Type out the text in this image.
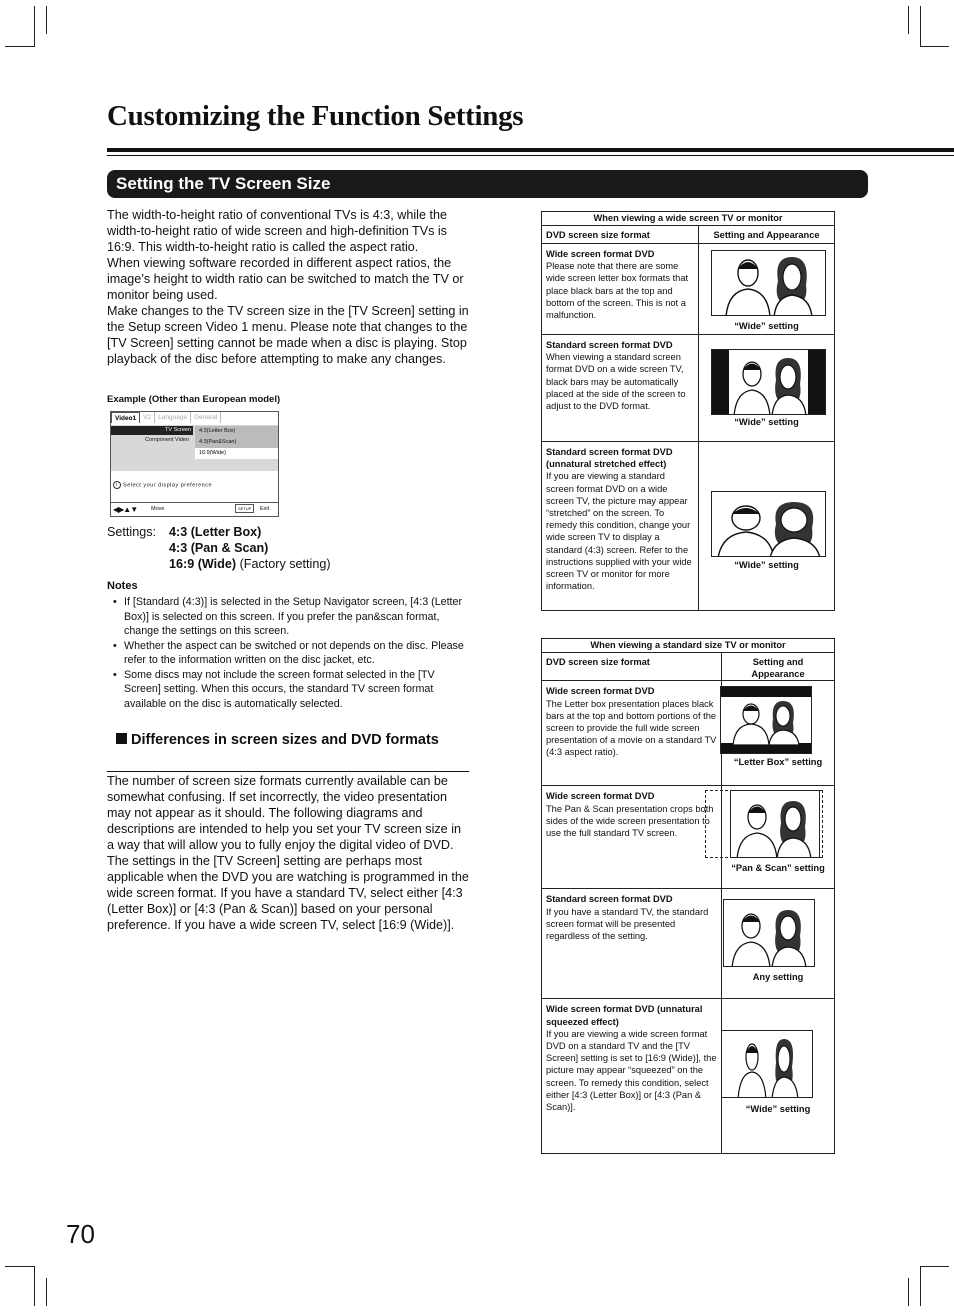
Customizing the Function Settings
Setting the TV Screen Size

The width-to-height ratio of conventional TVs is 4:3, while the width-to-height ratio of wide screen and high-definition TVs is 16:9. This width-to-height ratio is called the aspect ratio.

When viewing software recorded in different aspect ratios, the image’s height to width ratio can be switched to match the TV or monitor being used.

Make changes to the TV screen size in the [TV Screen] setting in the Setup screen Video 1 menu. Please note that changes to the [TV Screen] setting cannot be made when a disc is playing. Stop playback of the disc before attempting to make any changes.

Example (Other than European model)
Video1	V2	Language	General
TV Screen
Component Video
4:3(Letter Box)
4:3(Pan&Scan)
16:9(Wide)
i Select your display preference
◀▶▲▼	Move	SETUP	Exit
Settings: 4:3 (Letter Box)
4:3 (Pan & Scan)
16:9 (Wide) (Factory setting)
Notes
• If [Standard (4:3)] is selected in the Setup Navigator screen, [4:3 (Letter Box)] is selected on this screen. If you prefer the pan&scan format, change the settings on this screen.
• Whether the aspect can be switched or not depends on the disc. Please refer to the information written on the disc jacket, etc.
• Some discs may not include the screen format selected in the [TV Screen] setting. When this occurs, the standard TV screen format available on the disc is automatically selected.
Differences in screen sizes and DVD formats

The number of screen size formats currently available can be somewhat confusing. If set incorrectly, the video presentation may not appear as it should. The following diagrams and descriptions are intended to help you set your TV screen size in a way that will allow you to fully enjoy the digital video of DVD.

The settings in the [TV Screen] setting are perhaps most applicable when the DVD you are watching is programmed in the wide screen format. If you have a standard TV, select either [4:3 (Letter Box)] or [4:3 (Pan & Scan)] based on your personal preference. If you have a wide screen TV, select [16:9 (Wide)].

When viewing a wide screen TV or monitor	
DVD screen size format	Setting and Appearance

Wide screen format DVD
Please note that there are some wide screen letter box formats that place black bars at the top and bottom of the screen. This is not a malfunction.	“Wide” setting

Standard screen format DVD
When viewing a standard screen format DVD on a wide screen TV, black bars may be automatically placed at the side of the screen to adjust to the DVD format.	“Wide” setting

Standard screen format DVD (unnatural stretched effect)
If you are viewing a standard screen format DVD on a wide screen TV, the picture may appear “stretched” on the screen. To remedy this condition, change your wide screen TV to display a standard (4:3) screen. Refer to the instructions supplied with your wide screen TV or monitor for more information.	“Wide” setting
When viewing a standard size TV or monitor	
DVD screen size format	Setting and Appearance

Wide screen format DVD
The Letter box presentation places black bars at the top and bottom portions of the screen to provide the full wide screen presentation of a movie on a standard TV (4:3 aspect ratio).	“Letter Box” setting

Wide screen format DVD
The Pan & Scan presentation crops both sides of the wide screen presentation to use the full standard TV screen.	“Pan & Scan” setting

Standard screen format DVD
If you have a standard TV, the standard screen format will be presented regardless of the setting.	Any setting

Wide screen format DVD (unnatural squeezed effect)
If you are viewing a wide screen format DVD on a standard TV and the [TV Screen] setting is set to [16:9 (Wide)], the picture may appear “squeezed” on the screen. To remedy this condition, select either [4:3 (Letter Box)] or [4:3 (Pan & Scan)].	“Wide” setting
70
